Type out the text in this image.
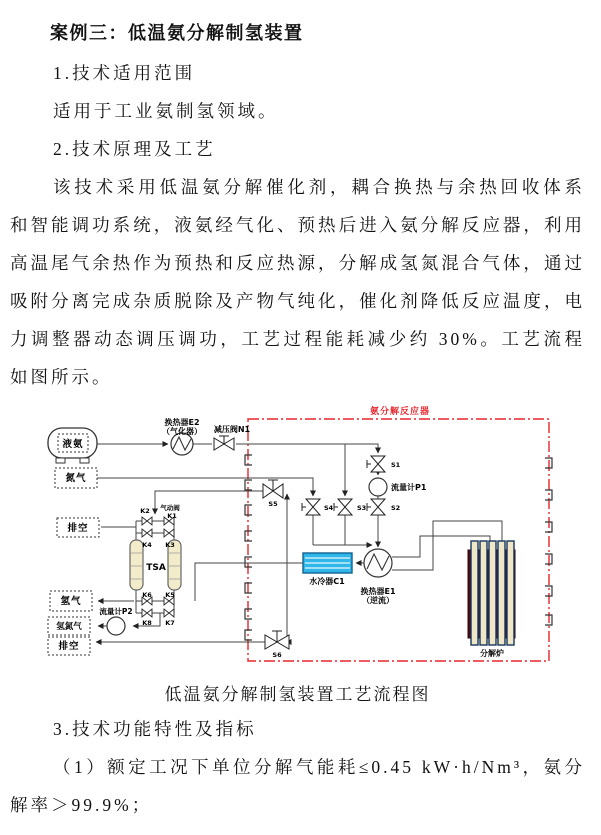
案例三：低温氨分解制氢装置

1.技术适用范围

适用于工业氨制氢领域。

2.技术原理及工艺

该技术采用低温氨分解催化剂，耦合换热与余热回收体系和智能调功系统，液氨经气化、预热后进入氨分解反应器，利用高温尾气余热作为预热和反应热源，分解成氢氮混合气体，通过吸附分离完成杂质脱除及产物气纯化，催化剂降低反应温度，电力调整器动态调压调功，工艺过程能耗减少约 30%。工艺流程如图所示。

氨分解反应器
液氨
换热器E2
（气化器） 减压阀N1
氮气
排空
氢气
氢氮气
排空
TSA
气动阀
K2
K1
K4 K3
K6 K5
K8 K7
流量计P2
S1
S2
S3
S4
S5
S6
流量计P1
水冷器C1
换热器E1
（逆流）
分解炉

低温氨分解制氢装置工艺流程图

3.技术功能特性及指标

（1）额定工况下单位分解气能耗≤0.45 kW·h/Nm³，氨分解率＞99.9%；
